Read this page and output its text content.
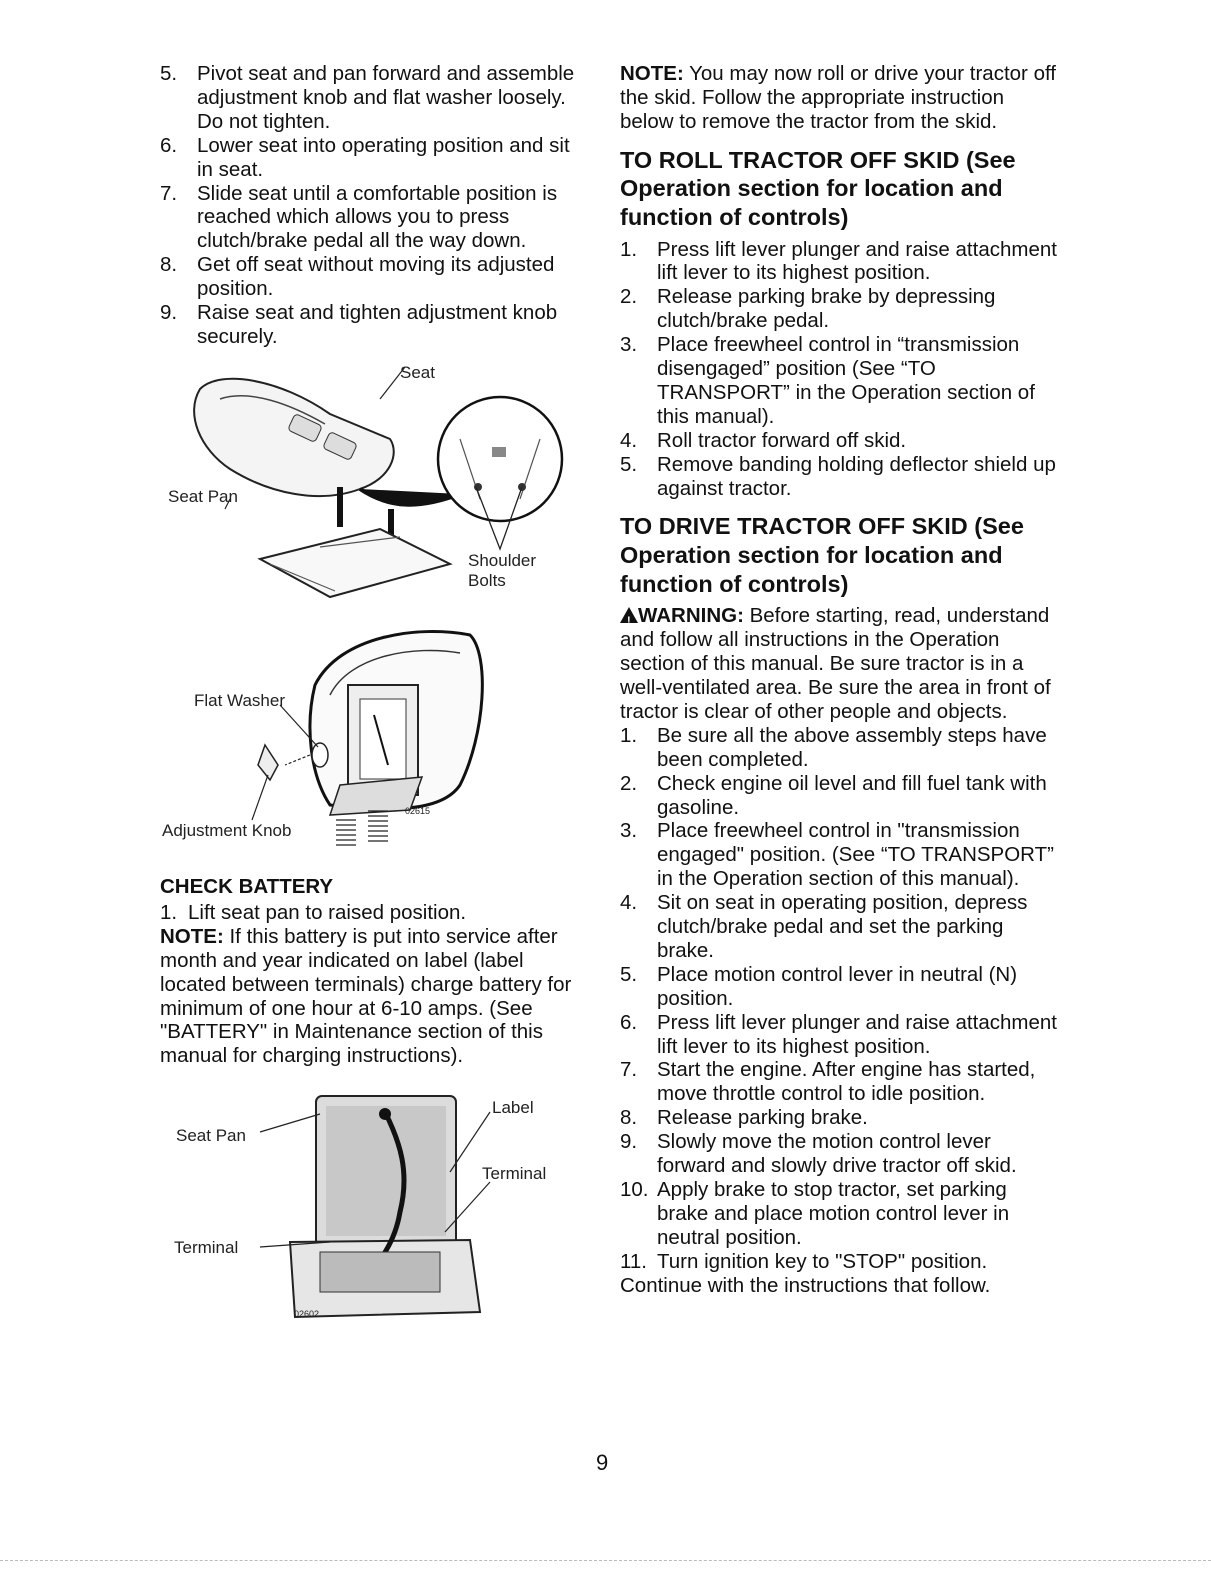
5. Pivot seat and pan forward and assemble adjustment knob and flat washer loosely. Do not tighten.
6. Lower seat into operating position and sit in seat.
7. Slide seat until a comfortable position is reached which allows you to press clutch/brake pedal all the way down.
8. Get off seat without moving its adjusted position.
9. Raise seat and tighten adjustment knob securely.
Seat
Seat Pan
Shoulder
Bolts
Flat Washer
Adjustment Knob
02615
CHECK BATTERY
1. Lift seat pan to raised position.

NOTE: If this battery is put into service after month and year indicated on label (label located between terminals) charge battery for minimum of one hour at 6-10 amps. (See "BATTERY" in Maintenance section of this manual for charging instructions).

Seat Pan
Label
Terminal
Terminal
02602

NOTE: You may now roll or drive your tractor off the skid. Follow the appropriate instruction below to remove the tractor from the skid.

TO ROLL TRACTOR OFF SKID (See Operation section for location and function of controls)
1. Press lift lever plunger and raise attachment lift lever to its highest position.
2. Release parking brake by depressing clutch/brake pedal.
3. Place freewheel control in “transmission disengaged” position (See “TO TRANSPORT” in the Operation section of this manual).
4. Roll tractor forward off skid.
5. Remove banding holding deflector shield up against tractor.
TO DRIVE TRACTOR OFF SKID (See Operation section for location and function of controls)

!WARNING: Before starting, read, understand and follow all instructions in the Operation section of this manual. Be sure tractor is in a well-ventilated area. Be sure the area in front of tractor is clear of other people and objects.

1. Be sure all the above assembly steps have been completed.
2. Check engine oil level and fill fuel tank with gasoline.
3. Place freewheel control in "transmission engaged" position. (See “TO TRANSPORT” in the Operation section of this manual).
4. Sit on seat in operating position, depress clutch/brake pedal and set the parking brake.
5. Place motion control lever in neutral (N) position.
6. Press lift lever plunger and raise attachment lift lever to its highest position.
7. Start the engine. After engine has started, move throttle control to idle position.
8. Release parking brake.
9. Slowly move the motion control lever forward and slowly drive tractor off skid.
10. Apply brake to stop tractor, set parking brake and place motion control lever in neutral position.
11. Turn ignition key to "STOP" position.

Continue with the instructions that follow.

9
